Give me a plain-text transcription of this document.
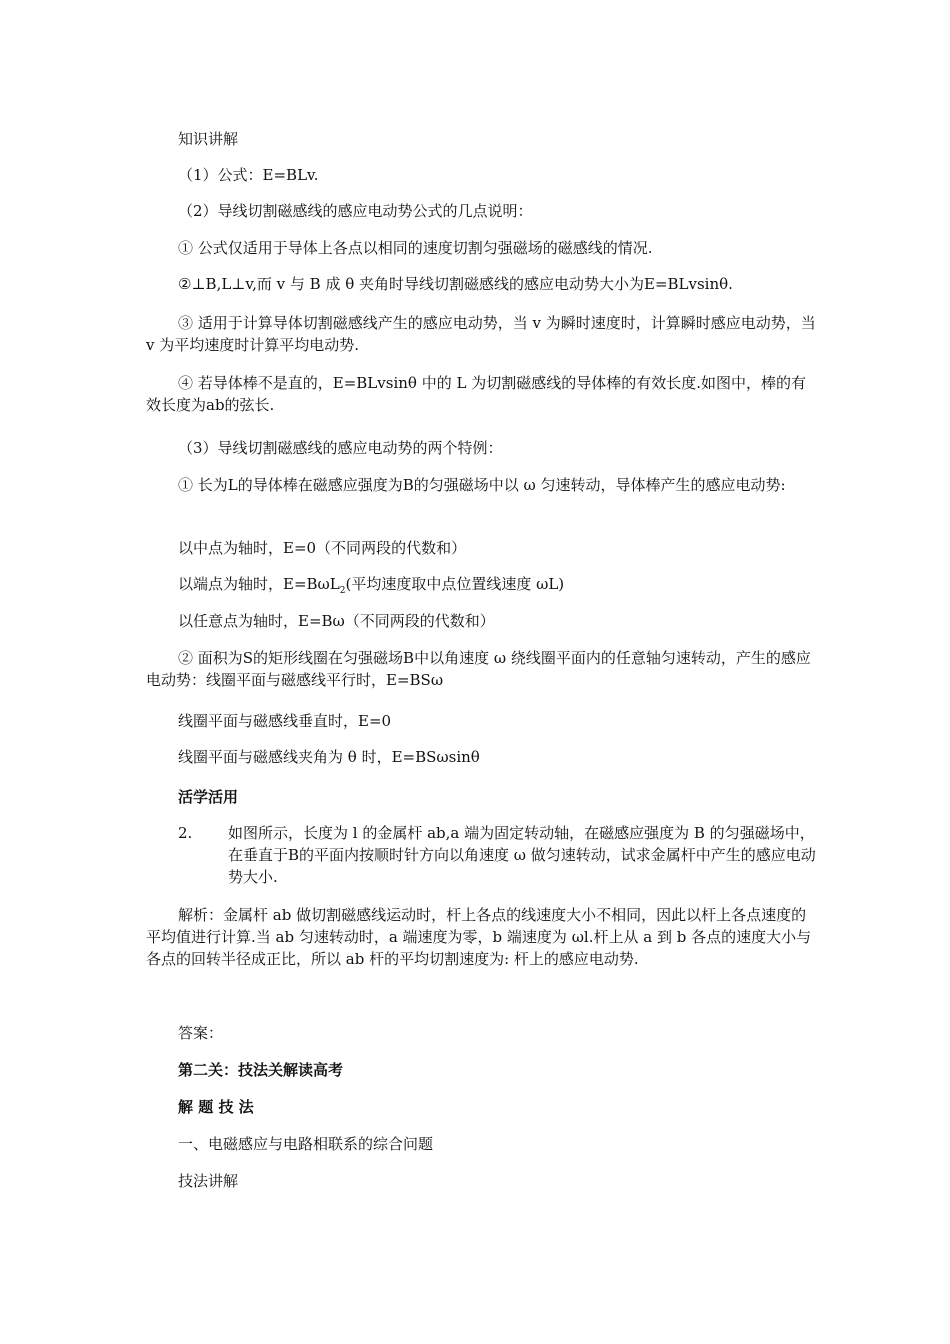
知识讲解
（1）公式：E=BLv.
（2）导线切割磁感线的感应电动势公式的几点说明：
① 公式仅适用于导体上各点以相同的速度切割匀强磁场的磁感线的情况.
②⊥B,L⊥v,而 v 与 B 成 θ 夹角时导线切割磁感线的感应电动势大小为E=BLvsinθ.
③ 适用于计算导体切割磁感线产生的感应电动势，当 v 为瞬时速度时，计算瞬时感应电动势，当 v 为平均速度时计算平均电动势.
④ 若导体棒不是直的，E=BLvsinθ 中的 L 为切割磁感线的导体棒的有效长度.如图中，棒的有效长度为ab的弦长.
（3）导线切割磁感线的感应电动势的两个特例：
① 长为L的导体棒在磁感应强度为B的匀强磁场中以 ω 匀速转动，导体棒产生的感应电动势:
以中点为轴时，E=0（不同两段的代数和）
以端点为轴时，E=BωL$_2$(平均速度取中点位置线速度 ωL)
以任意点为轴时，E=Bω（不同两段的代数和）
② 面积为S的矩形线圈在匀强磁场B中以角速度 ω 绕线圈平面内的任意轴匀速转动，产生的感应电动势：线圈平面与磁感线平行时，E=BSω
线圈平面与磁感线垂直时，E=0
线圈平面与磁感线夹角为 θ 时，E=BSωsinθ
活学活用
2. 如图所示，长度为 l 的金属杆 ab,a 端为固定转动轴，在磁感应强度为 B 的匀强磁场中，在垂直于B的平面内按顺时针方向以角速度 ω 做匀速转动，试求金属杆中产生的感应电动势大小.
解析：金属杆 ab 做切割磁感线运动时，杆上各点的线速度大小不相同，因此以杆上各点速度的平均值进行计算.当 ab 匀速转动时，a 端速度为零，b 端速度为 ωl.杆上从 a 到 b 各点的速度大小与各点的回转半径成正比，所以 ab 杆的平均切割速度为: 杆上的感应电动势.
答案：
第二关：技法关解读高考
解 题 技 法
一、电磁感应与电路相联系的综合问题
技法讲解
